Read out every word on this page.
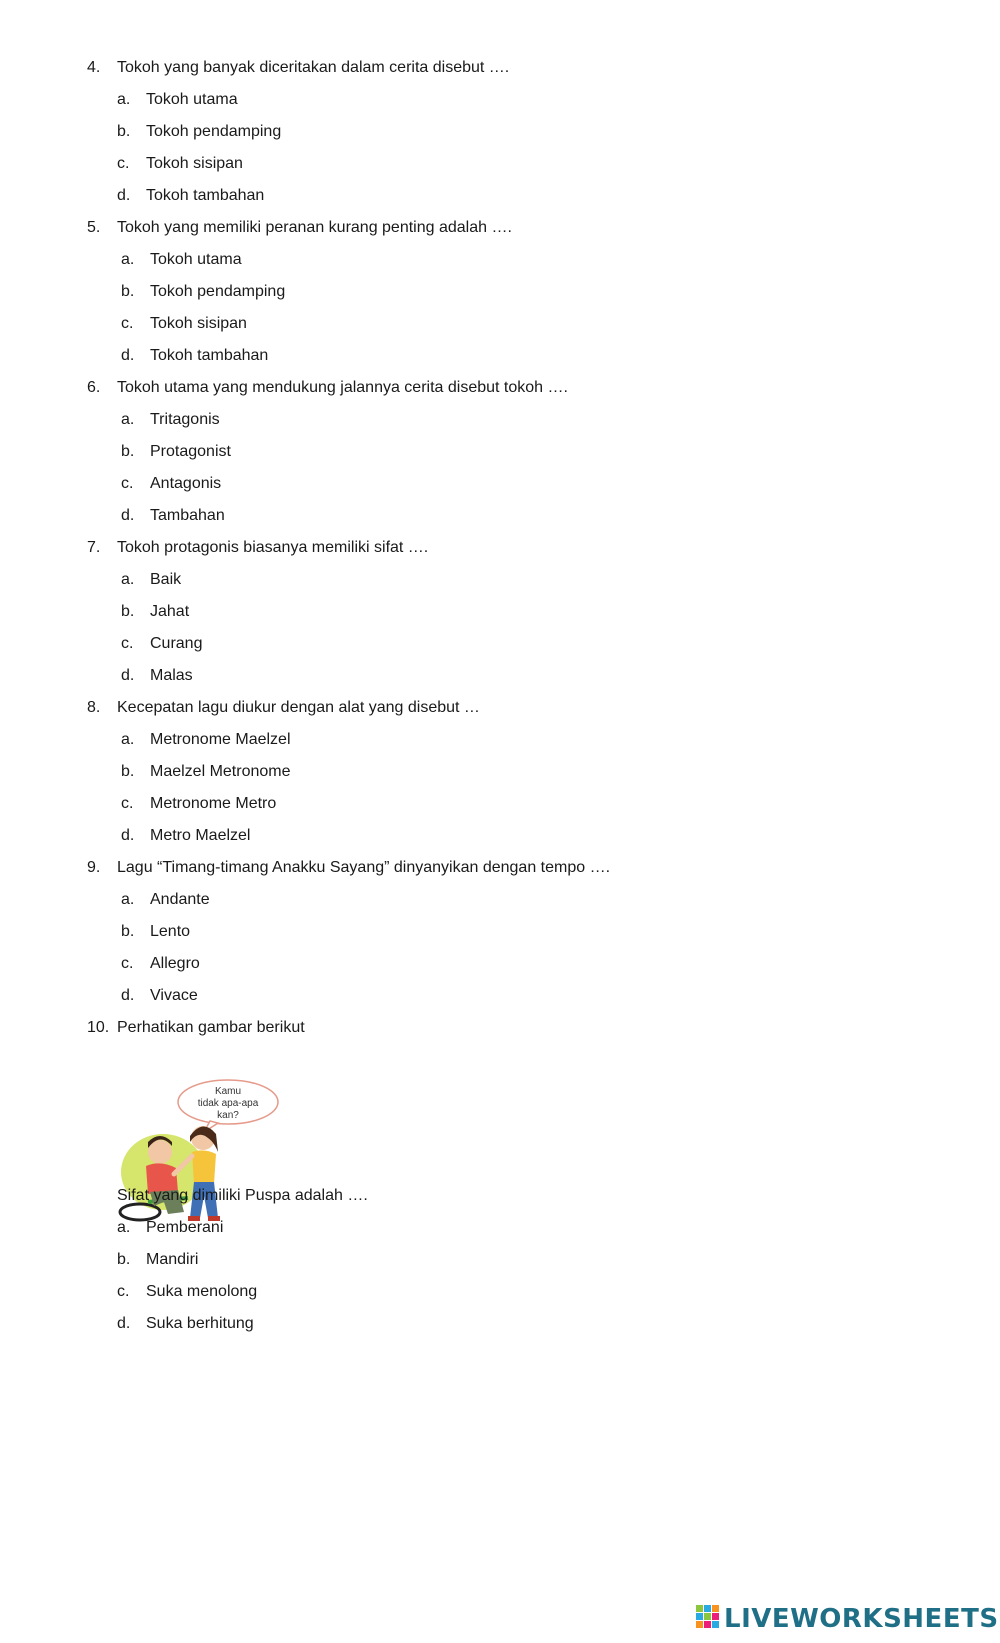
4. Tokoh yang banyak diceritakan dalam cerita disebut ….
a. Tokoh utama
b. Tokoh pendamping
c. Tokoh sisipan
d. Tokoh tambahan
5. Tokoh yang memiliki peranan kurang penting adalah ….
a. Tokoh utama
b. Tokoh pendamping
c. Tokoh sisipan
d. Tokoh tambahan
6. Tokoh utama yang mendukung jalannya cerita disebut tokoh ….
a. Tritagonis
b. Protagonist
c. Antagonis
d. Tambahan
7. Tokoh protagonis biasanya memiliki sifat ….
a. Baik
b. Jahat
c. Curang
d. Malas
8. Kecepatan lagu diukur dengan alat yang disebut …
a. Metronome Maelzel
b. Maelzel Metronome
c. Metronome Metro
d. Metro Maelzel
9. Lagu “Timang-timang Anakku Sayang” dinyanyikan dengan tempo ….
a. Andante
b. Lento
c. Allegro
d. Vivace
10. Perhatikan gambar berikut
Kamu
tidak apa-apa
kan?
Sifat yang dimiliki Puspa adalah ….
a. Pemberani
b. Mandiri
c. Suka menolong
d. Suka berhitung
LIVEWORKSHEETS
